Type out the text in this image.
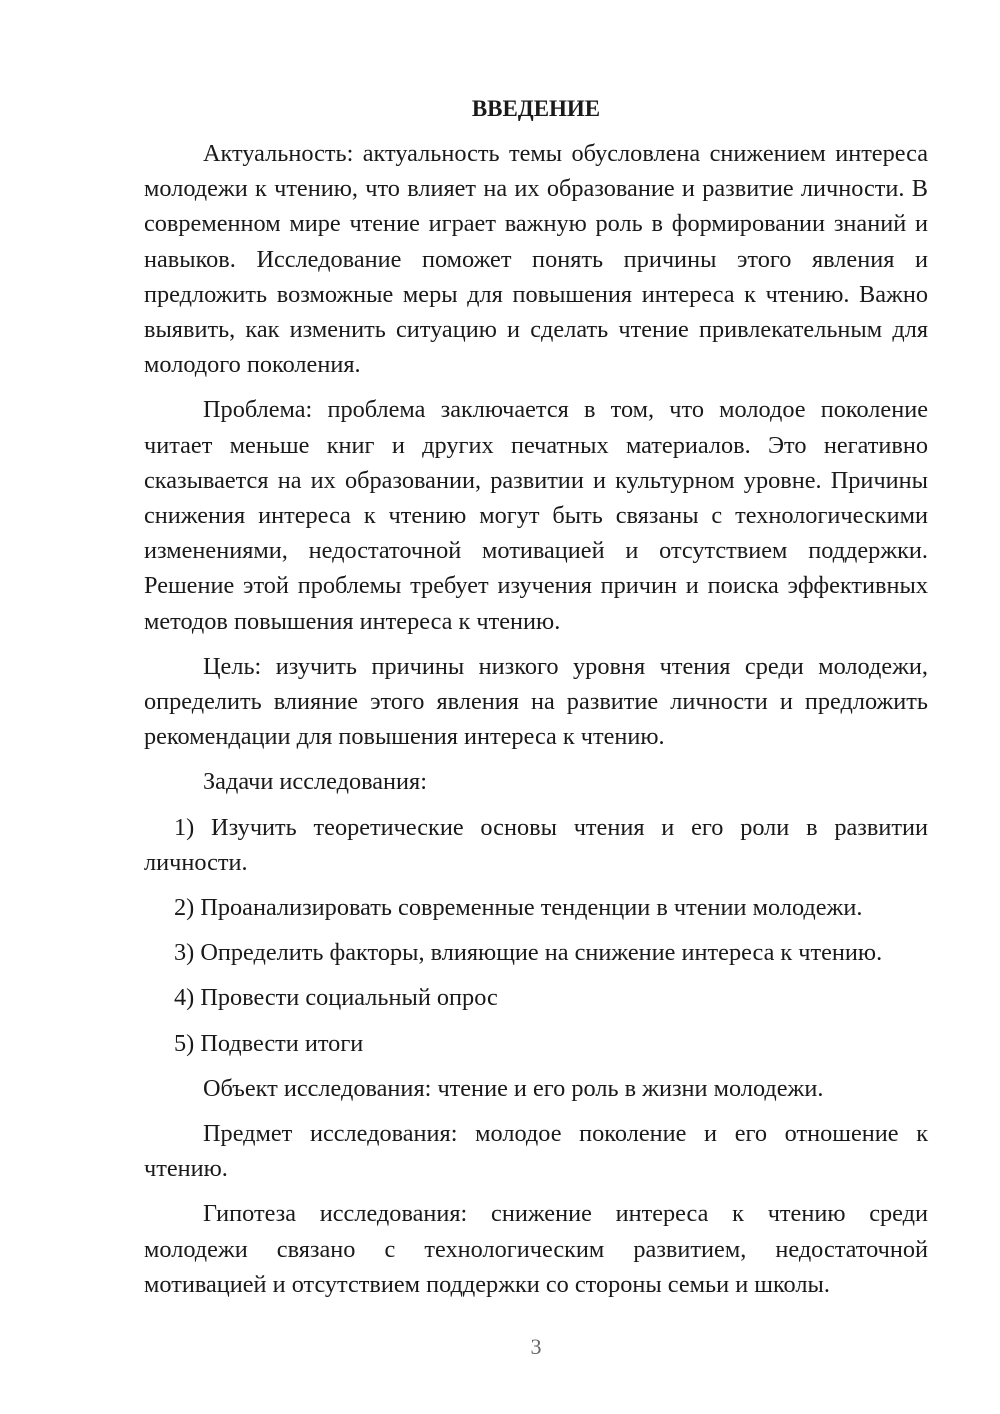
ВВЕДЕНИЕ

Актуальность: актуальность темы обусловлена снижением интереса молодежи к чтению, что влияет на их образование и развитие личности. В современном мире чтение играет важную роль в формировании знаний и навыков. Исследование поможет понять причины этого явления и предложить возможные меры для повышения интереса к чтению. Важно выявить, как изменить ситуацию и сделать чтение привлекательным для молодого поколения.

Проблема: проблема заключается в том, что молодое поколение читает меньше книг и других печатных материалов. Это негативно сказывается на их образовании, развитии и культурном уровне. Причины снижения интереса к чтению могут быть связаны с технологическими изменениями, недостаточной мотивацией и отсутствием поддержки. Решение этой проблемы требует изучения причин и поиска эффективных методов повышения интереса к чтению.

Цель: изучить причины низкого уровня чтения среди молодежи, определить влияние этого явления на развитие личности и предложить рекомендации для повышения интереса к чтению.

Задачи исследования:

1) Изучить теоретические основы чтения и его роли в развитии личности.

2) Проанализировать современные тенденции в чтении молодежи.

3) Определить факторы, влияющие на снижение интереса к чтению.

4) Провести социальный опрос

5) Подвести итоги

Объект исследования: чтение и его роль в жизни молодежи.

Предмет исследования: молодое поколение и его отношение к чтению.

Гипотеза исследования: снижение интереса к чтению среди молодежи связано с технологическим развитием, недостаточной мотивацией и отсутствием поддержки со стороны семьи и школы.

3
